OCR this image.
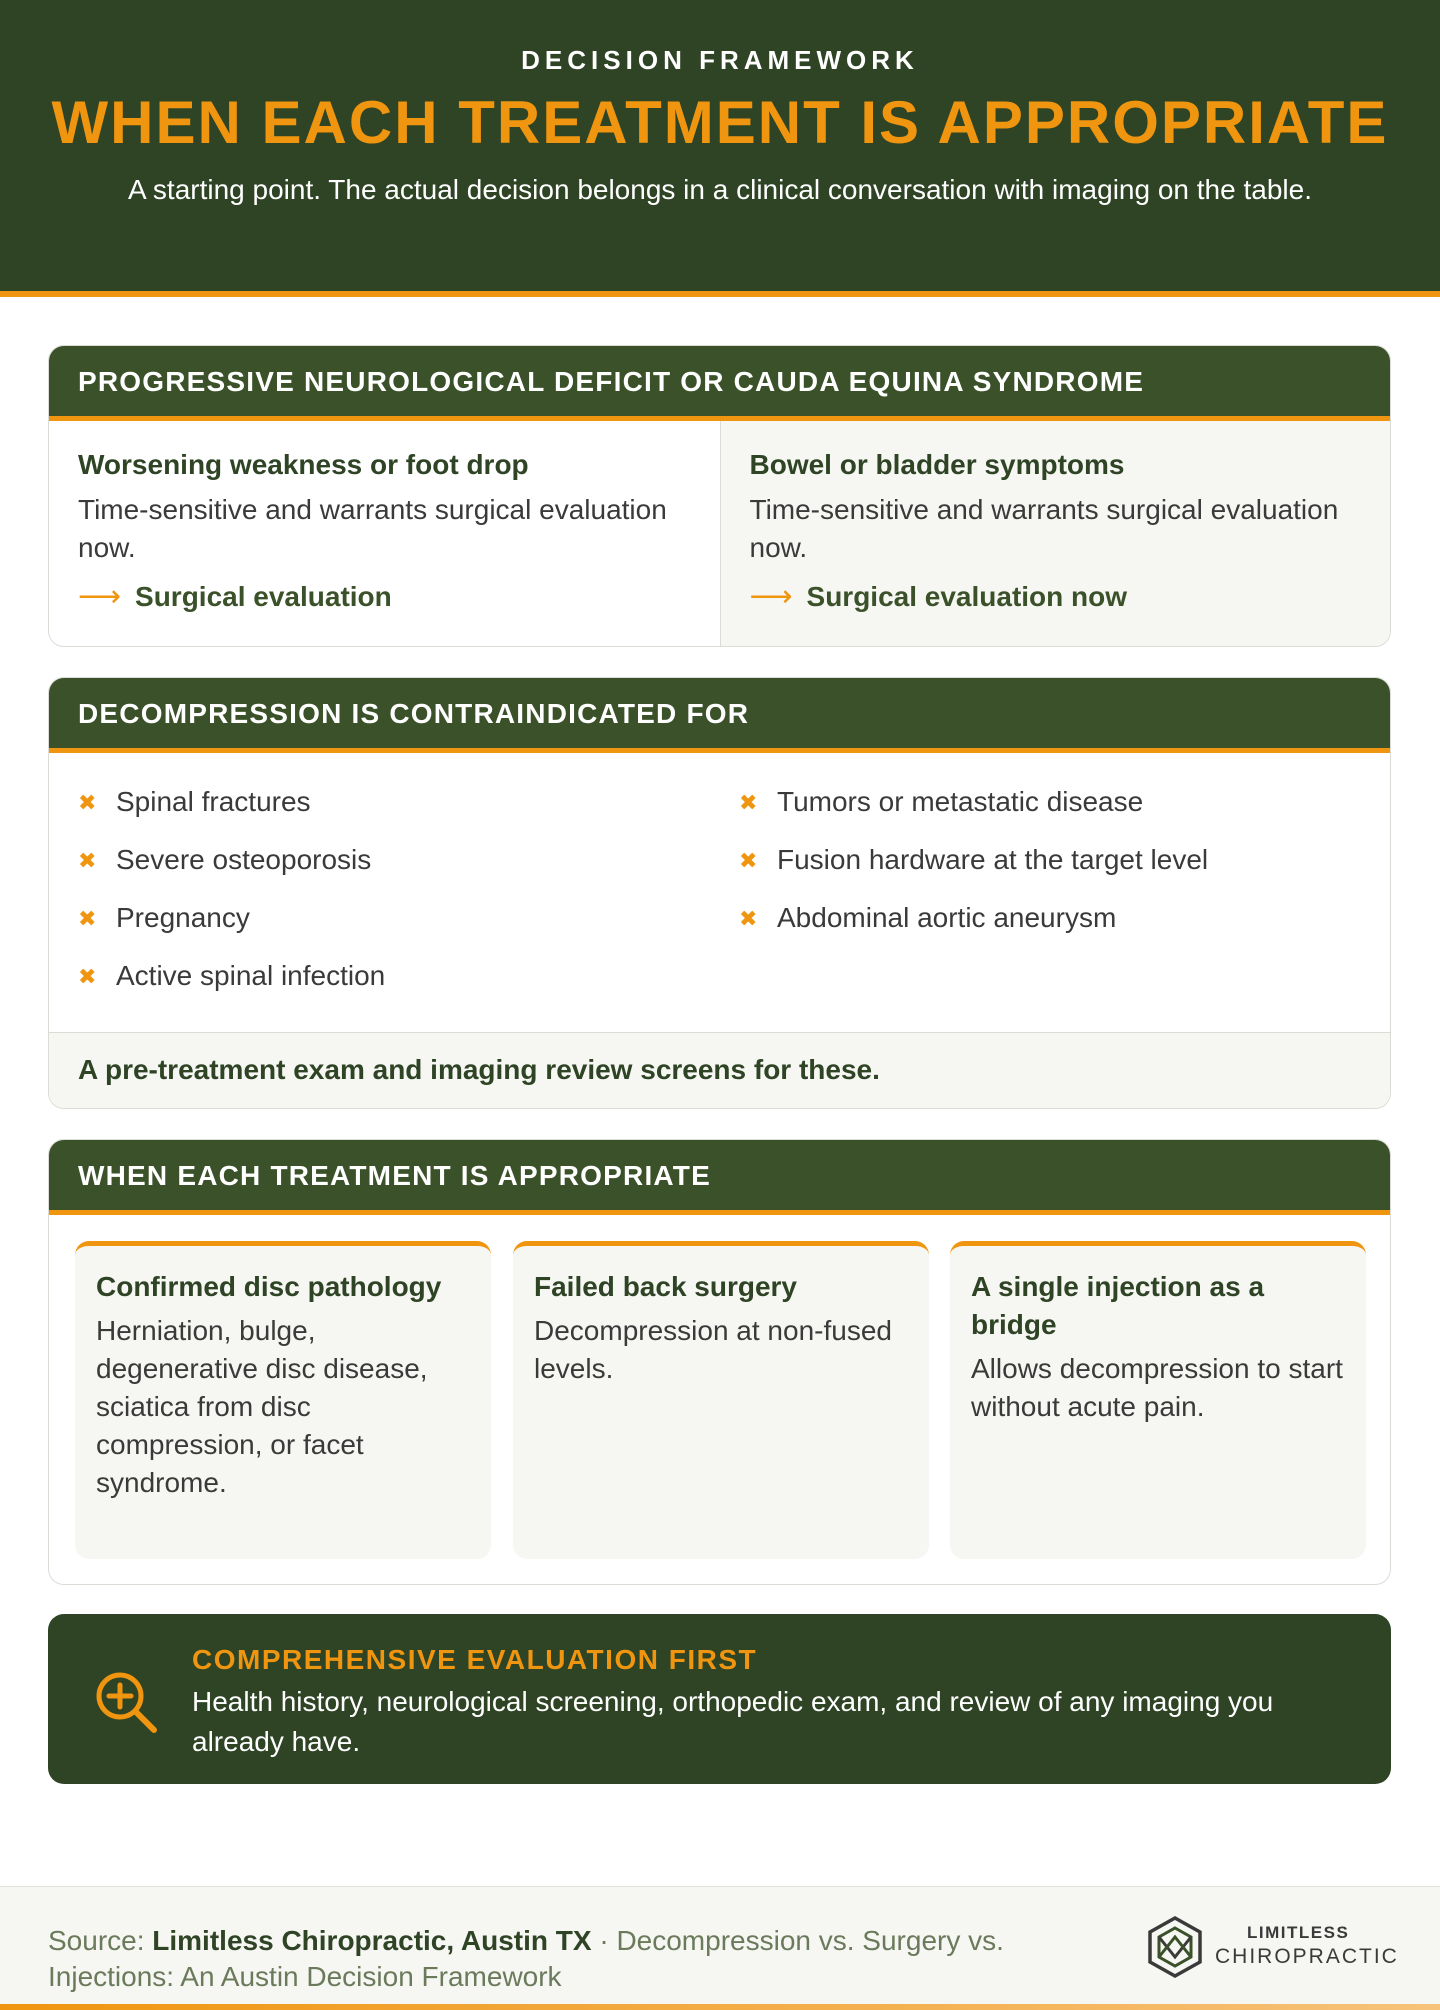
DECISION FRAMEWORK
WHEN EACH TREATMENT IS APPROPRIATE

A starting point. The actual decision belongs in a clinical conversation with imaging on the table.

PROGRESSIVE NEUROLOGICAL DEFICIT OR CAUDA EQUINA SYNDROME
Worsening weakness or foot drop
Time-sensitive and warrants surgical evaluation now.
⟶ Surgical evaluation
Bowel or bladder symptoms
Time-sensitive and warrants surgical evaluation now.
⟶ Surgical evaluation now
DECOMPRESSION IS CONTRAINDICATED FOR
✖ Spinal fractures
✖ Severe osteoporosis
✖ Pregnancy
✖ Active spinal infection
✖ Tumors or metastatic disease
✖ Fusion hardware at the target level
✖ Abdominal aortic aneurysm
A pre-treatment exam and imaging review screens for these.
WHEN EACH TREATMENT IS APPROPRIATE
Confirmed disc pathology
Herniation, bulge, degenerative disc disease, sciatica from disc compression, or facet syndrome.
Failed back surgery
Decompression at non-fused levels.
A single injection as a bridge
Allows decompression to start without acute pain.
COMPREHENSIVE EVALUATION FIRST
Health history, neurological screening, orthopedic exam, and review of any imaging you already have.
Source: Limitless Chiropractic, Austin TX · Decompression vs. Surgery vs. Injections: An Austin Decision Framework
LIMITLESS
CHIROPRACTIC
